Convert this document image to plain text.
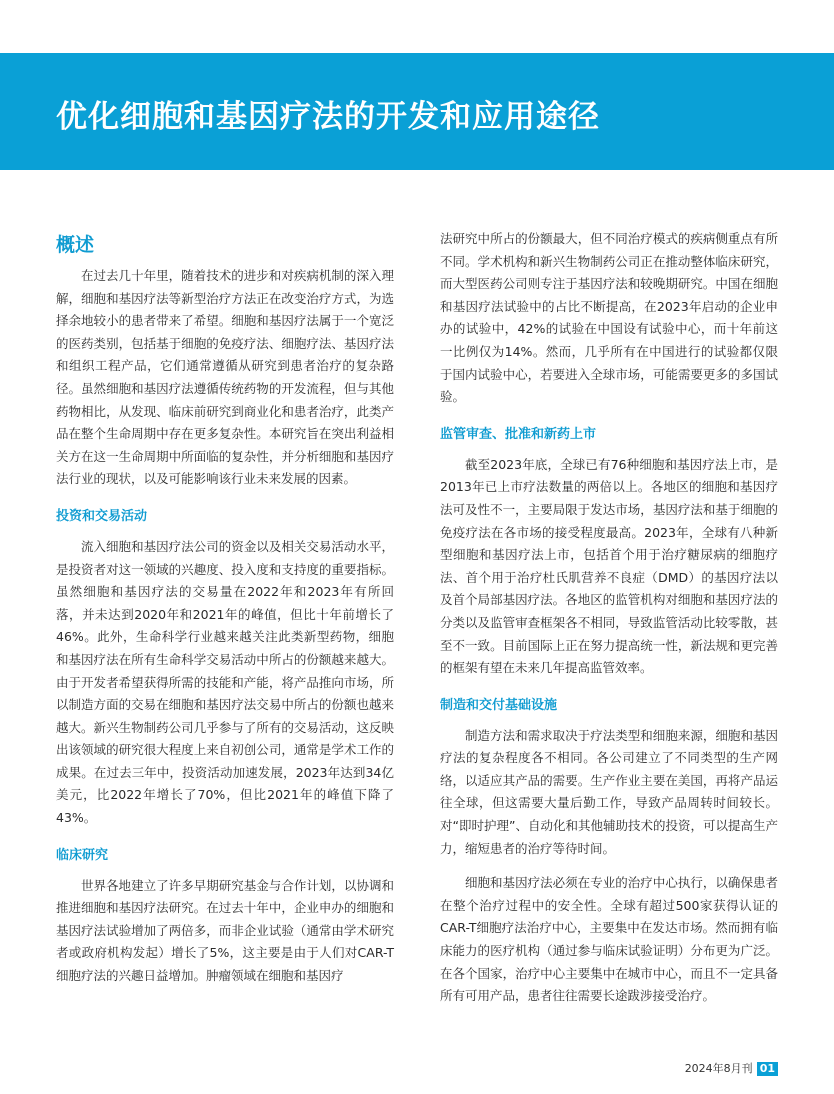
优化细胞和基因疗法的开发和应用途径
概述

在过去几十年里，随着技术的进步和对疾病机制的深入理解，细胞和基因疗法等新型治疗方法正在改变治疗方式，为选择余地较小的患者带来了希望。细胞和基因疗法属于一个宽泛的医药类别，包括基于细胞的免疫疗法、细胞疗法、基因疗法和组织工程产品，它们通常遵循从研究到患者治疗的复杂路径。虽然细胞和基因疗法遵循传统药物的开发流程，但与其他药物相比，从发现、临床前研究到商业化和患者治疗，此类产品在整个生命周期中存在更多复杂性。本研究旨在突出利益相关方在这一生命周期中所面临的复杂性，并分析细胞和基因疗法行业的现状，以及可能影响该行业未来发展的因素。

投资和交易活动

流入细胞和基因疗法公司的资金以及相关交易活动水平，是投资者对这一领域的兴趣度、投入度和支持度的重要指标。虽然细胞和基因疗法的交易量在2022年和2023年有所回落，并未达到2020年和2021年的峰值，但比十年前增长了46%。此外，生命科学行业越来越关注此类新型药物，细胞和基因疗法在所有生命科学交易活动中所占的份额越来越大。由于开发者希望获得所需的技能和产能，将产品推向市场，所以制造方面的交易在细胞和基因疗法交易中所占的份额也越来越大。新兴生物制药公司几乎参与了所有的交易活动，这反映出该领域的研究很大程度上来自初创公司，通常是学术工作的成果。在过去三年中，投资活动加速发展，2023年达到34亿美元，比2022年增长了70%，但比2021年的峰值下降了43%。

临床研究

世界各地建立了许多早期研究基金与合作计划，以协调和推进细胞和基因疗法研究。在过去十年中，企业申办的细胞和基因疗法试验增加了两倍多，而非企业试验（通常由学术研究者或政府机构发起）增长了5%，这主要是由于人们对CAR-T细胞疗法的兴趣日益增加。肿瘤领域在细胞和基因疗

法研究中所占的份额最大，但不同治疗模式的疾病侧重点有所不同。学术机构和新兴生物制药公司正在推动整体临床研究，而大型医药公司则专注于基因疗法和较晚期研究。中国在细胞和基因疗法试验中的占比不断提高，在2023年启动的企业申办的试验中，42%的试验在中国设有试验中心，而十年前这一比例仅为14%。然而，几乎所有在中国进行的试验都仅限于国内试验中心，若要进入全球市场，可能需要更多的多国试验。

监管审查、批准和新药上市

截至2023年底，全球已有76种细胞和基因疗法上市，是2013年已上市疗法数量的两倍以上。各地区的细胞和基因疗法可及性不一，主要局限于发达市场，基因疗法和基于细胞的免疫疗法在各市场的接受程度最高。2023年，全球有八种新型细胞和基因疗法上市，包括首个用于治疗糖尿病的细胞疗法、首个用于治疗杜氏肌营养不良症（DMD）的基因疗法以及首个局部基因疗法。各地区的监管机构对细胞和基因疗法的分类以及监管审查框架各不相同，导致监管活动比较零散，甚至不一致。目前国际上正在努力提高统一性，新法规和更完善的框架有望在未来几年提高监管效率。

制造和交付基础设施

制造方法和需求取决于疗法类型和细胞来源，细胞和基因疗法的复杂程度各不相同。各公司建立了不同类型的生产网络，以适应其产品的需要。生产作业主要在美国，再将产品运往全球，但这需要大量后勤工作，导致产品周转时间较长。对“即时护理”、自动化和其他辅助技术的投资，可以提高生产力，缩短患者的治疗等待时间。

细胞和基因疗法必须在专业的治疗中心执行，以确保患者在整个治疗过程中的安全性。全球有超过500家获得认证的CAR-T细胞疗法治疗中心，主要集中在发达市场。然而拥有临床能力的医疗机构（通过参与临床试验证明）分布更为广泛。在各个国家，治疗中心主要集中在城市中心，而且不一定具备所有可用产品，患者往往需要长途跋涉接受治疗。

2024年8月刊 01
